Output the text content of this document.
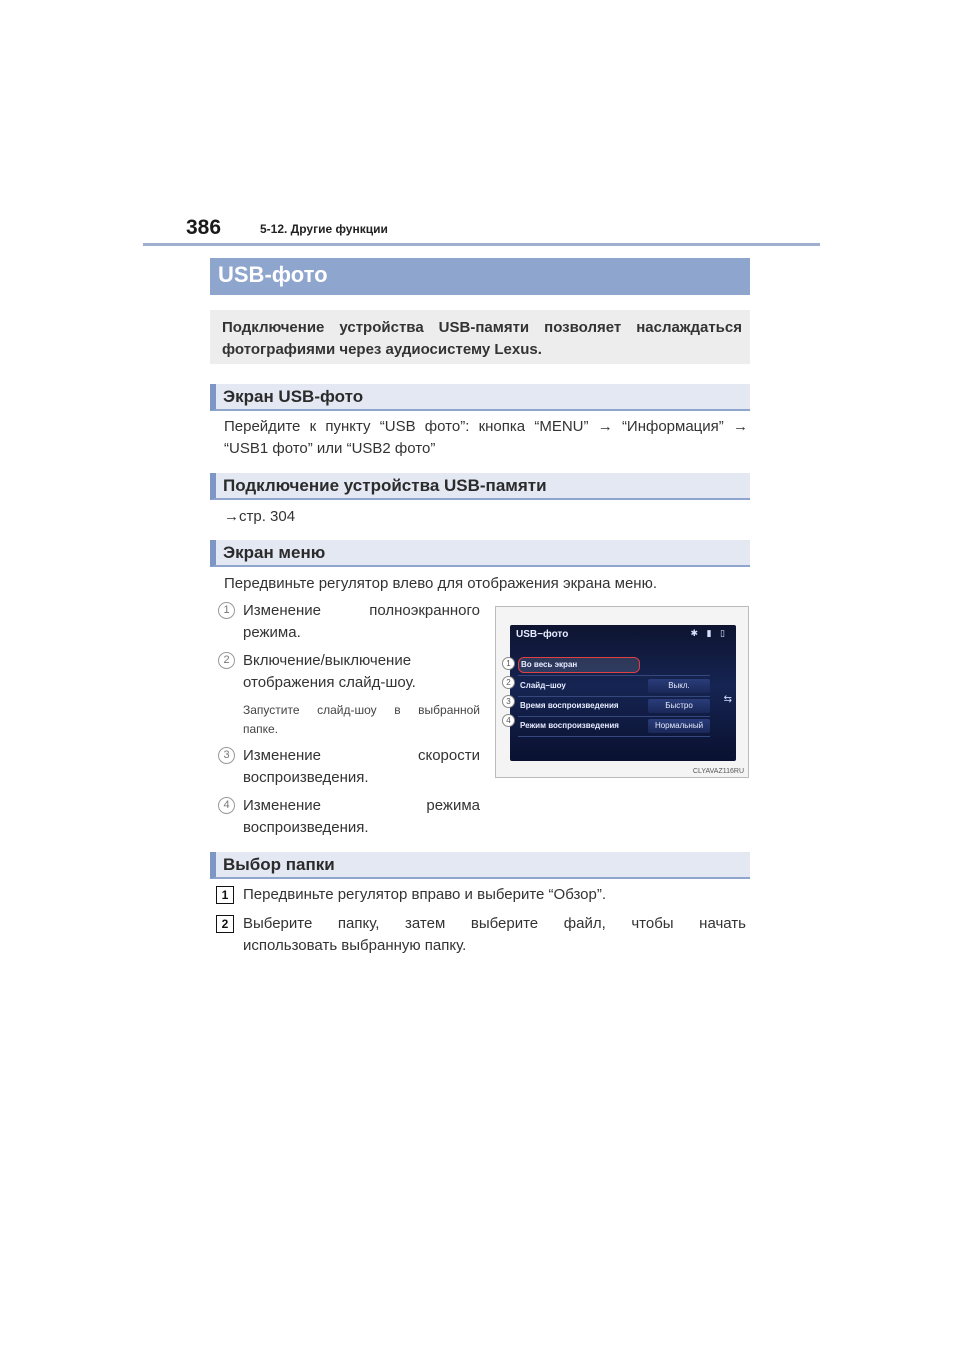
386	5-12. Другие функции
USB-фото

Подключение устройства USB-памяти позволяет наслаждаться фотографиями через аудиосистему Lexus.

Экран USB-фото
Перейдите к пункту “USB фото”: кнопка “MENU” → “Информация” → “USB1 фото” или “USB2 фото”
Подключение устройства USB-памяти
→стр. 304
Экран меню
Передвиньте регулятор влево для отображения экрана меню.
1 Изменение полноэкранного
режима.
2 Включение/выключение
отображения слайд-шоу.
Запустите слайд-шоу в выбранной
папке.
3 Изменение скорости
воспроизведения.
4 Изменение режима
воспроизведения.
USB−фото	✱ ▮ ▯
Во весь экран
Слайд−шоу	Выкл.
Время воспроизведения	Быстро
Режим воспроизведения	Нормальный
⇆
1
2
3
4
CLYAVAZ116RU
Выбор папки
1 Передвиньте регулятор вправо и выберите “Обзор”.
2 Выберите папку, затем выберите файл, чтобы начать
использовать выбранную папку.
